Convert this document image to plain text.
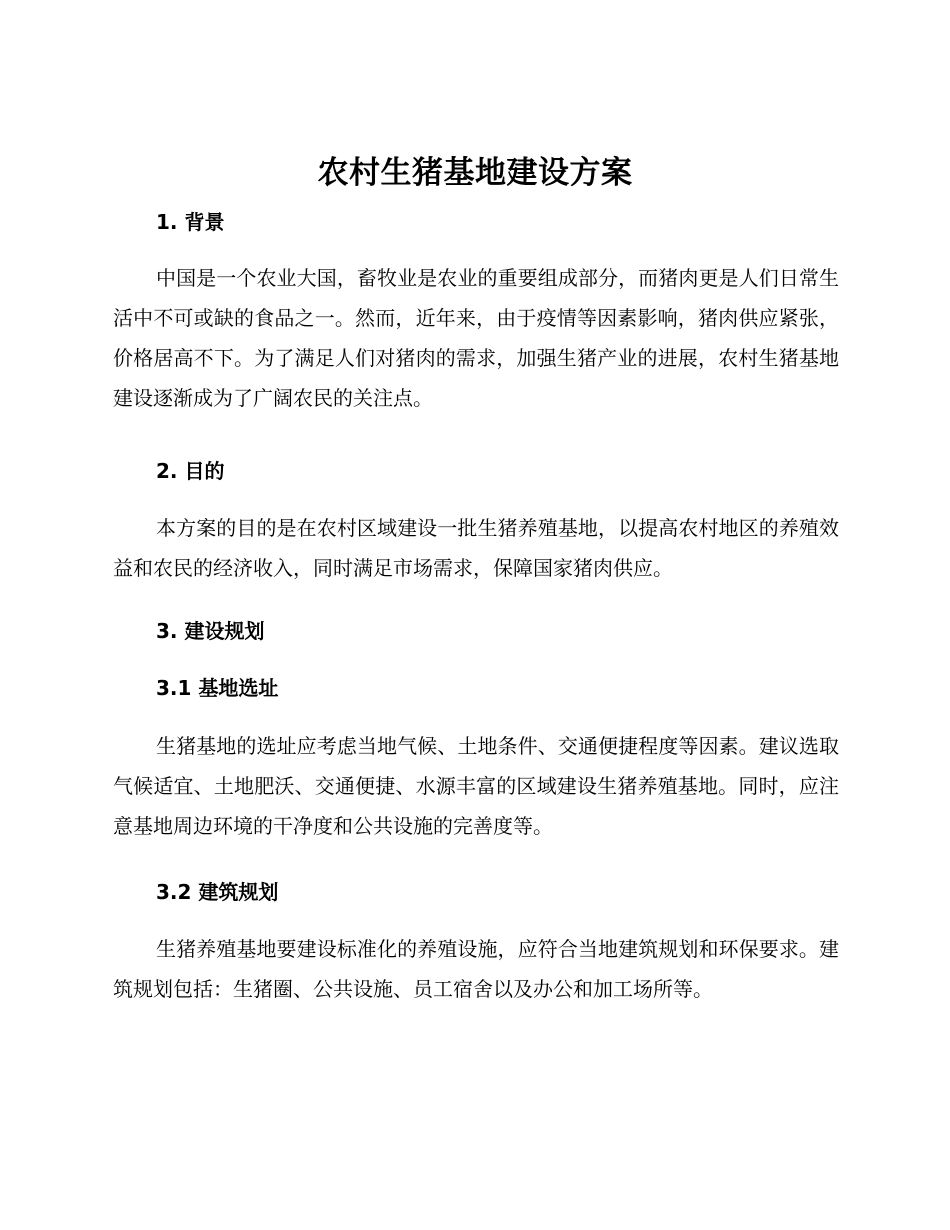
农村生猪基地建设方案
1. 背景
中国是一个农业大国，畜牧业是农业的重要组成部分，而猪肉更是人们日常生活中不可或缺的食品之一。然而，近年来，由于疫情等因素影响，猪肉供应紧张，价格居高不下。为了满足人们对猪肉的需求，加强生猪产业的进展，农村生猪基地建设逐渐成为了广阔农民的关注点。
2. 目的
本方案的目的是在农村区域建设一批生猪养殖基地，以提高农村地区的养殖效益和农民的经济收入，同时满足市场需求，保障国家猪肉供应。
3. 建设规划
3.1 基地选址
生猪基地的选址应考虑当地气候、土地条件、交通便捷程度等因素。建议选取气候适宜、土地肥沃、交通便捷、水源丰富的区域建设生猪养殖基地。同时，应注意基地周边环境的干净度和公共设施的完善度等。
3.2 建筑规划
生猪养殖基地要建设标准化的养殖设施，应符合当地建筑规划和环保要求。建筑规划包括：生猪圈、公共设施、员工宿舍以及办公和加工场所等。
